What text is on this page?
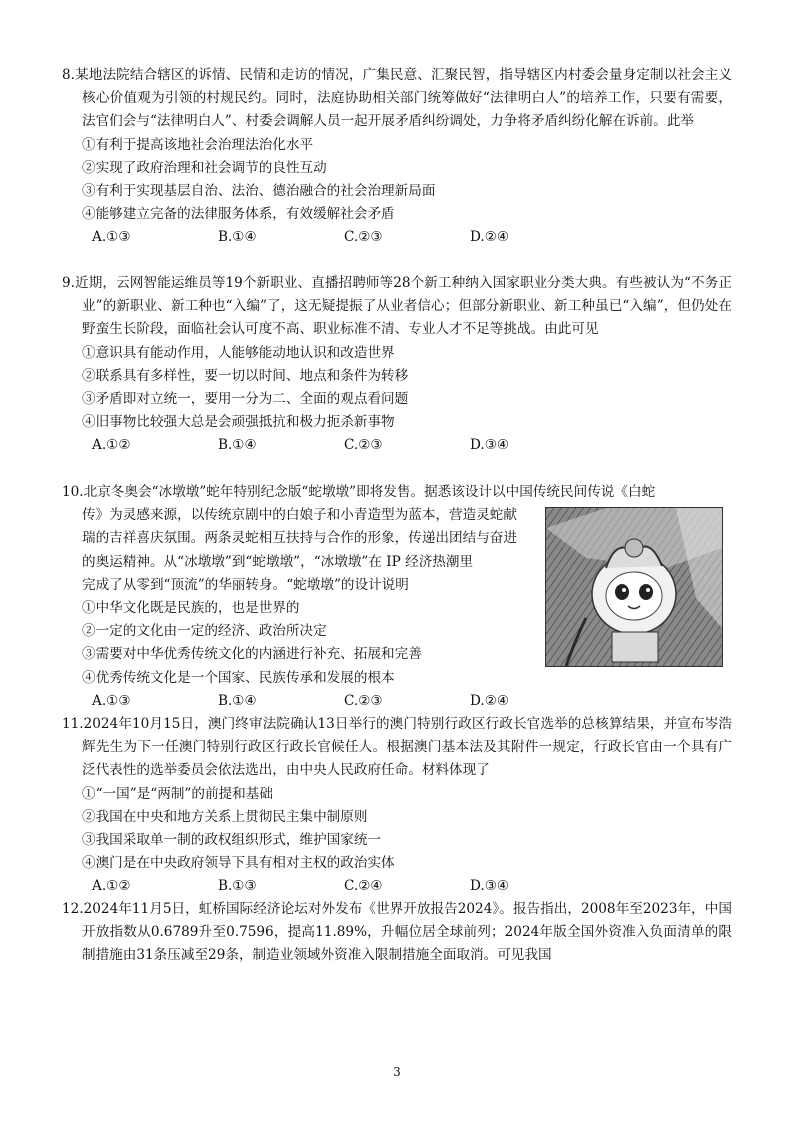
8.某地法院结合辖区的诉情、民情和走访的情况，广集民意、汇聚民智，指导辖区内村委会量身定制以社会主义核心价值观为引领的村规民约。同时，法庭协助相关部门统筹做好“法律明白人”的培养工作，只要有需要，法官们会与“法律明白人”、村委会调解人员一起开展矛盾纠纷调处，力争将矛盾纠纷化解在诉前。此举

①有利于提高该地社会治理法治化水平

②实现了政府治理和社会调节的良性互动

③有利于实现基层自治、法治、德治融合的社会治理新局面

④能够建立完备的法律服务体系，有效缓解社会矛盾

A.①③	B.①④	C.②③	D.②④

9.近期，云网智能运维员等19个新职业、直播招聘师等28个新工种纳入国家职业分类大典。有些被认为“不务正业”的新职业、新工种也“入编”了，这无疑提振了从业者信心；但部分新职业、新工种虽已“入编”，但仍处在野蛮生长阶段，面临社会认可度不高、职业标准不清、专业人才不足等挑战。由此可见

①意识具有能动作用，人能够能动地认识和改造世界

②联系具有多样性，要一切以时间、地点和条件为转移

③矛盾即对立统一，要用一分为二、全面的观点看问题

④旧事物比较强大总是会顽强抵抗和极力扼杀新事物

A.①②	B.①④	C.②③	D.③④

10.北京冬奥会“冰墩墩”蛇年特别纪念版“蛇墩墩”即将发售。据悉该设计以中国传统民间传说《白蛇

传》为灵感来源，以传统京剧中的白娘子和小青造型为蓝本，营造灵蛇献

瑞的吉祥喜庆氛围。两条灵蛇相互扶持与合作的形象，传递出团结与奋进

的奥运精神。从“冰墩墩”到“蛇墩墩”，“冰墩墩”在 IP 经济热潮里

完成了从零到“顶流”的华丽转身。“蛇墩墩”的设计说明

①中华文化既是民族的，也是世界的

②一定的文化由一定的经济、政治所决定

③需要对中华优秀传统文化的内涵进行补充、拓展和完善

④优秀传统文化是一个国家、民族传承和发展的根本

A.①③	B.①④	C.②③	D.②④

11.2024年10月15日，澳门终审法院确认13日举行的澳门特别行政区行政长官选举的总核算结果，并宣布岑浩辉先生为下一任澳门特别行政区行政长官候任人。根据澳门基本法及其附件一规定，行政长官由一个具有广泛代表性的选举委员会依法选出，由中央人民政府任命。材料体现了

①“一国”是“两制”的前提和基础

②我国在中央和地方关系上贯彻民主集中制原则

③我国采取单一制的政权组织形式，维护国家统一

④澳门是在中央政府领导下具有相对主权的政治实体

A.①②	B.①③	C.②④	D.③④

12.2024年11月5日，虹桥国际经济论坛对外发布《世界开放报告2024》。报告指出，2008年至2023年，中国开放指数从0.6789升至0.7596，提高11.89%，升幅位居全球前列；2024年版全国外资准入负面清单的限制措施由31条压减至29条，制造业领域外资准入限制措施全面取消。可见我国

3
